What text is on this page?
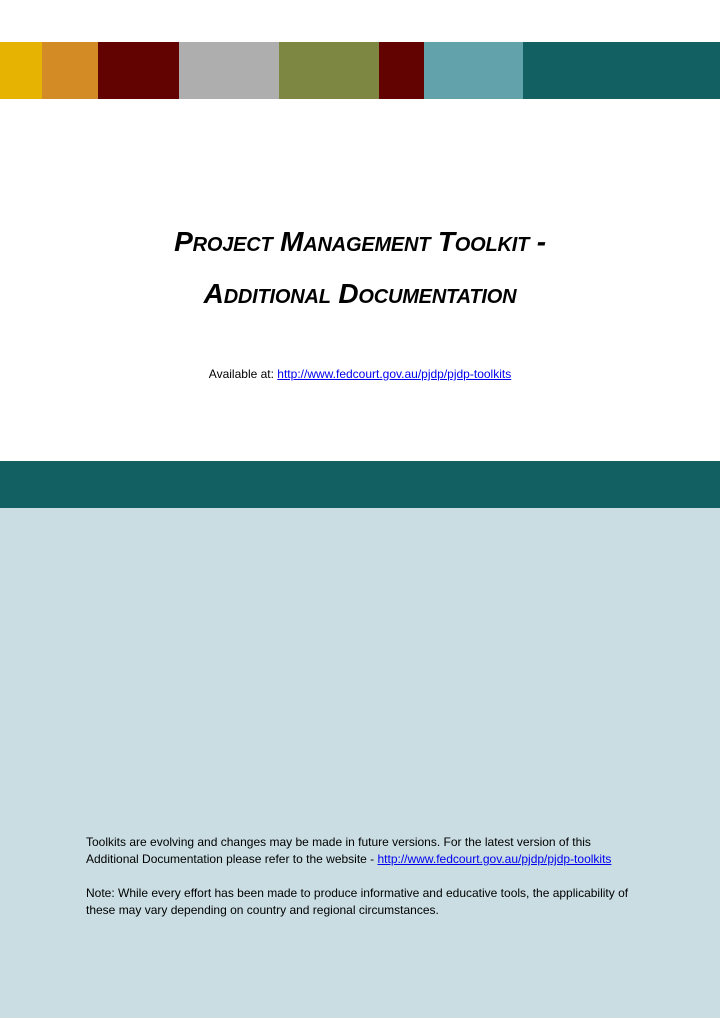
Project Management Toolkit -
Additional Documentation
Available at: http://www.fedcourt.gov.au/pjdp/pjdp-toolkits

Toolkits are evolving and changes may be made in future versions. For the latest version of this Additional Documentation please refer to the website - http://www.fedcourt.gov.au/pjdp/pjdp-toolkits

Note: While every effort has been made to produce informative and educative tools, the applicability of these may vary depending on country and regional circumstances.
